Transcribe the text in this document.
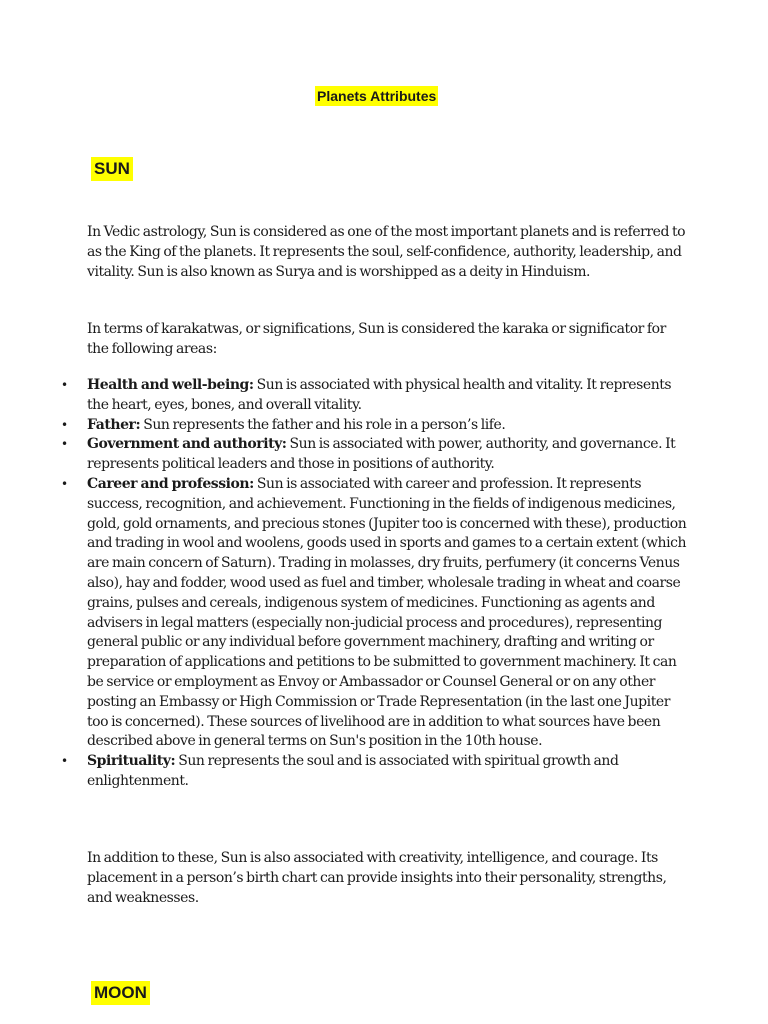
Planets Attributes
SUN

In Vedic astrology, Sun is considered as one of the most important planets and is referred to as the King of the planets. It represents the soul, self-confidence, authority, leadership, and vitality. Sun is also known as Surya and is worshipped as a deity in Hinduism.

In terms of karakatwas, or significations, Sun is considered the karaka or significator for the following areas:

• Health and well-being: Sun is associated with physical health and vitality. It represents the heart, eyes, bones, and overall vitality.
• Father: Sun represents the father and his role in a person’s life.
• Government and authority: Sun is associated with power, authority, and governance. It represents political leaders and those in positions of authority.
• Career and profession: Sun is associated with career and profession. It represents success, recognition, and achievement. Functioning in the fields of indigenous medicines, gold, gold ornaments, and precious stones (Jupiter too is concerned with these), production and trading in wool and woolens, goods used in sports and games to a certain extent (which are main concern of Saturn). Trading in molasses, dry fruits, perfumery (it concerns Venus also), hay and fodder, wood used as fuel and timber, wholesale trading in wheat and coarse grains, pulses and cereals, indigenous system of medicines. Functioning as agents and advisers in legal matters (especially non-judicial process and procedures), representing general public or any individual before government machinery, drafting and writing or preparation of applications and petitions to be submitted to government machinery. It can be service or employment as Envoy or Ambassador or Counsel General or on any other posting an Embassy or High Commission or Trade Representation (in the last one Jupiter too is concerned). These sources of livelihood are in addition to what sources have been described above in general terms on Sun's position in the 10th house.
• Spirituality: Sun represents the soul and is associated with spiritual growth and enlightenment.

In addition to these, Sun is also associated with creativity, intelligence, and courage. Its placement in a person’s birth chart can provide insights into their personality, strengths, and weaknesses.

MOON
